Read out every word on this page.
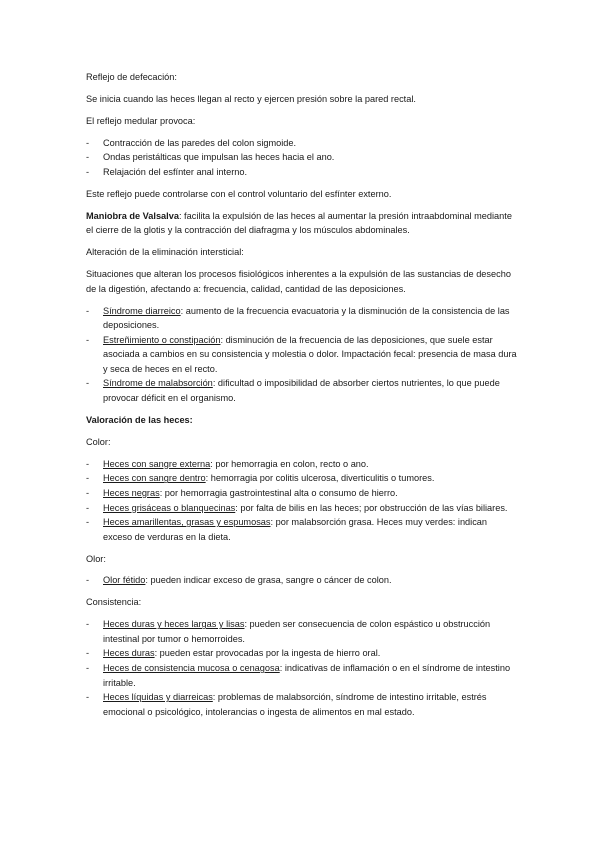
Reflejo de defecación:

Se inicia cuando las heces llegan al recto y ejercen presión sobre la pared rectal.

El reflejo medular provoca:

- Contracción de las paredes del colon sigmoide.
- Ondas peristálticas que impulsan las heces hacia el ano.
- Relajación del esfínter anal interno.

Este reflejo puede controlarse con el control voluntario del esfínter externo.

Maniobra de Valsalva: facilita la expulsión de las heces al aumentar la presión intraabdominal mediante el cierre de la glotis y la contracción del diafragma y los músculos abdominales.

Alteración de la eliminación intersticial:

Situaciones que alteran los procesos fisiológicos inherentes a la expulsión de las sustancias de desecho de la digestión, afectando a: frecuencia, calidad, cantidad de las deposiciones.

- Síndrome diarreico: aumento de la frecuencia evacuatoria y la disminución de la consistencia de las deposiciones.
- Estreñimiento o constipación: disminución de la frecuencia de las deposiciones, que suele estar asociada a cambios en su consistencia y molestia o dolor. Impactación fecal: presencia de masa dura y seca de heces en el recto.
- Síndrome de malabsorción: dificultad o imposibilidad de absorber ciertos nutrientes, lo que puede provocar déficit en el organismo.

Valoración de las heces:

Color:

- Heces con sangre externa: por hemorragia en colon, recto o ano.
- Heces con sangre dentro: hemorragia por colitis ulcerosa, diverticulitis o tumores.
- Heces negras: por hemorragia gastrointestinal alta o consumo de hierro.
- Heces grisáceas o blanquecinas: por falta de bilis en las heces; por obstrucción de las vías biliares.
- Heces amarillentas, grasas y espumosas: por malabsorción grasa. Heces muy verdes: indican exceso de verduras en la dieta.

Olor:

- Olor fétido: pueden indicar exceso de grasa, sangre o cáncer de colon.

Consistencia:

- Heces duras y heces largas y lisas: pueden ser consecuencia de colon espástico u obstrucción intestinal por tumor o hemorroides.
- Heces duras: pueden estar provocadas por la ingesta de hierro oral.
- Heces de consistencia mucosa o cenagosa: indicativas de inflamación o en el síndrome de intestino irritable.
- Heces líquidas y diarreicas: problemas de malabsorción, síndrome de intestino irritable, estrés emocional o psicológico, intolerancias o ingesta de alimentos en mal estado.
